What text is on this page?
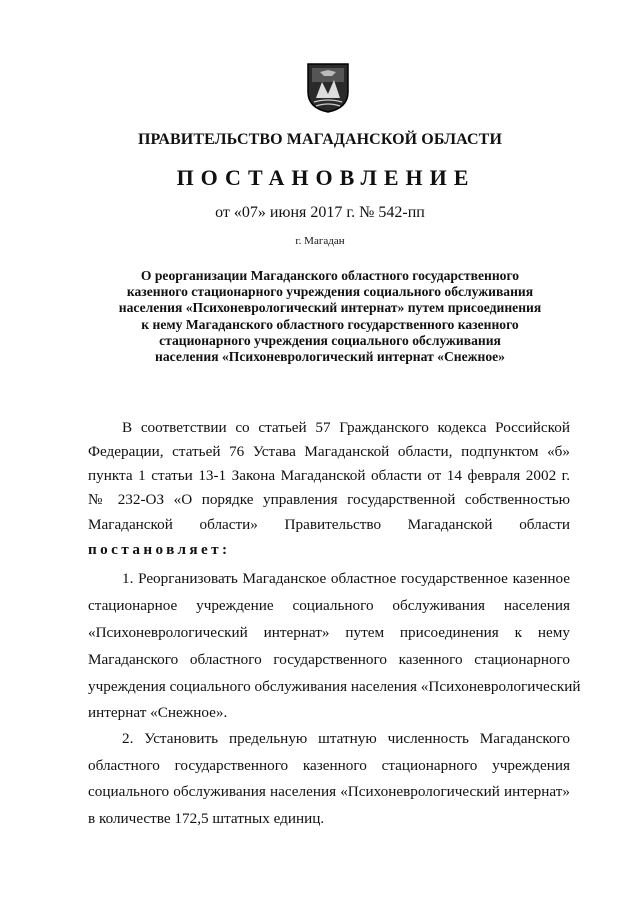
ПРАВИТЕЛЬСТВО МАГАДАНСКОЙ ОБЛАСТИ
ПОСТАНОВЛЕНИЕ
от «07» июня 2017 г. № 542-пп
г. Магадан
О реорганизации Магаданского областного государственного
казенного стационарного учреждения социального обслуживания
населения «Психоневрологический интернат» путем присоединения
к нему Магаданского областного государственного казенного
стационарного учреждения социального обслуживания
населения «Психоневрологический интернат «Снежное»
В соответствии со статьей 57 Гражданского кодекса Российской
Федерации, статьей 76 Устава Магаданской области, подпунктом «б»
пункта 1 статьи 13-1 Закона Магаданской области от 14 февраля 2002 г.
№ 232-ОЗ «О порядке управления государственной собственностью
Магаданской области» Правительство Магаданской области
постановляет:
1. Реорганизовать Магаданское областное государственное казенное
стационарное учреждение социального обслуживания населения
«Психоневрологический интернат» путем присоединения к нему
Магаданского областного государственного казенного стационарного
учреждения социального обслуживания населения «Психоневрологический
интернат «Снежное».
2. Установить предельную штатную численность Магаданского
областного государственного казенного стационарного учреждения
социального обслуживания населения «Психоневрологический интернат»
в количестве 172,5 штатных единиц.
